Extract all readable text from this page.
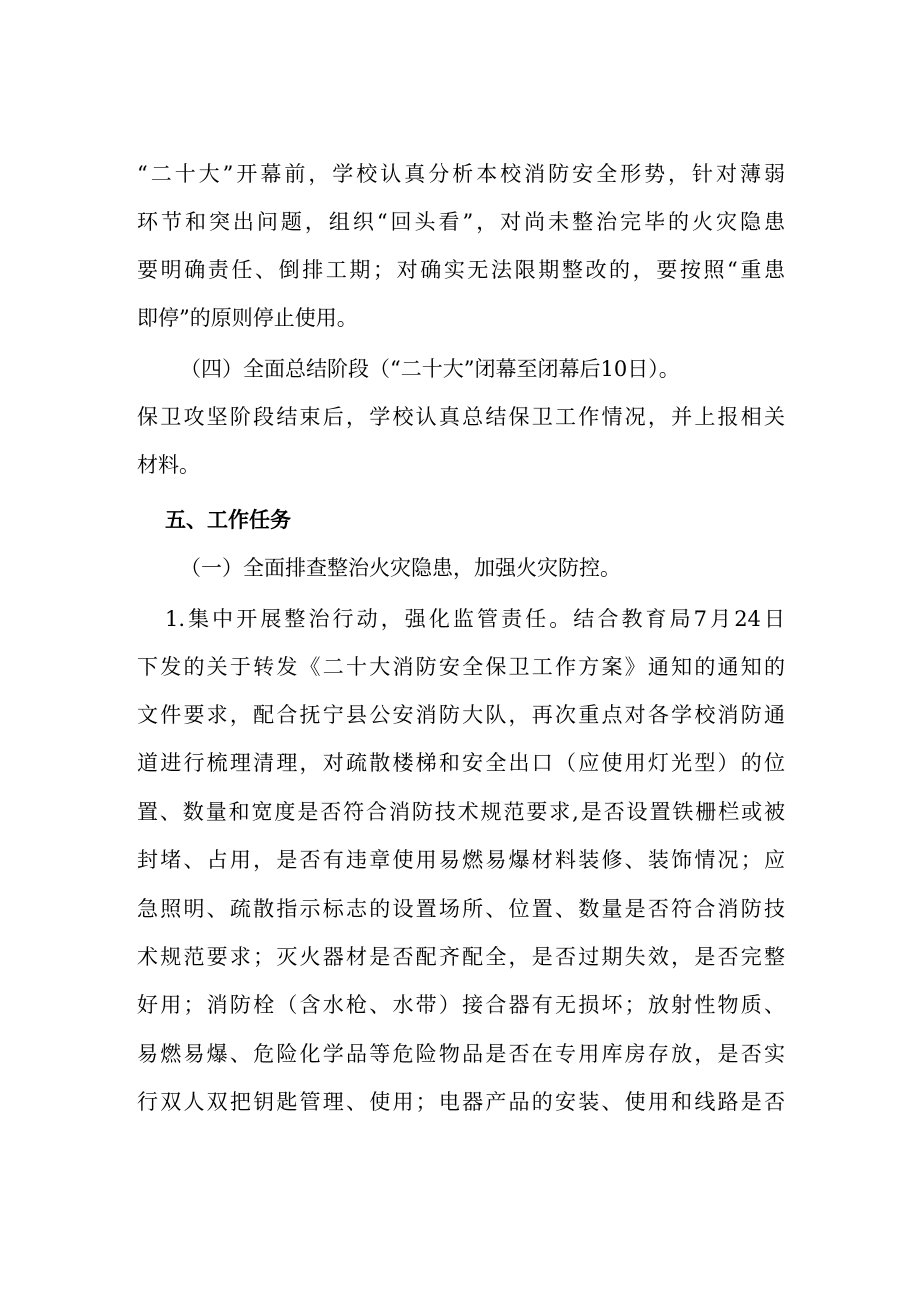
“二十大”开幕前，学校认真分析本校消防安全形势，针对薄弱
环节和突出问题，组织“回头看”，对尚未整治完毕的火灾隐患
要明确责任、倒排工期；对确实无法限期整改的，要按照“重患
即停”的原则停止使用。
（四）全面总结阶段（“二十大”闭幕至闭幕后10日）。
保卫攻坚阶段结束后，学校认真总结保卫工作情况，并上报相关
材料。
五、工作任务
（一）全面排查整治火灾隐患，加强火灾防控。
1.集中开展整治行动，强化监管责任。结合教育局7月24日
下发的关于转发《二十大消防安全保卫工作方案》通知的通知的
文件要求，配合抚宁县公安消防大队，再次重点对各学校消防通
道进行梳理清理，对疏散楼梯和安全出口（应使用灯光型）的位
置、数量和宽度是否符合消防技术规范要求,是否设置铁栅栏或被
封堵、占用，是否有违章使用易燃易爆材料装修、装饰情况；应
急照明、疏散指示标志的设置场所、位置、数量是否符合消防技
术规范要求；灭火器材是否配齐配全，是否过期失效，是否完整
好用；消防栓（含水枪、水带）接合器有无损坏；放射性物质、
易燃易爆、危险化学品等危险物品是否在专用库房存放，是否实
行双人双把钥匙管理、使用；电器产品的安装、使用和线路是否
